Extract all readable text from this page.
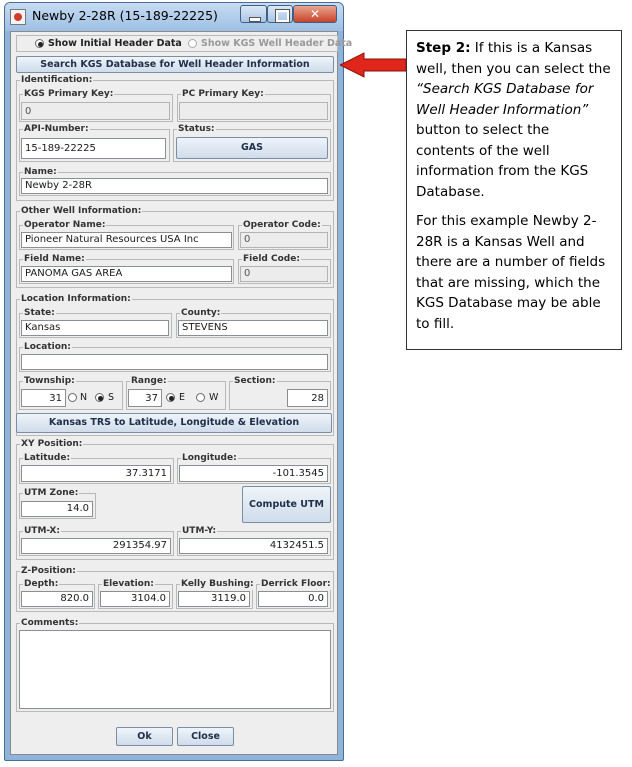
Newby 2-28R (15-189-22225)	✕
Show Initial Header Data Show KGS Well Header Data
Search KGS Database for Well Header Information
Identification:
KGS Primary Key:
0
PC Primary Key:
API-Number:
15-189-22225
Status:
GAS
Name:
Newby 2-28R
Other Well Information:
Operator Name:
Pioneer Natural Resources USA Inc
Operator Code:
0
Field Name:
PANOMA GAS AREA
Field Code:
0
Location Information:
State:
Kansas
County:
STEVENS
Location:
Township:
31	N S
Range:
37	E	W
Section:
28
Kansas TRS to Latitude, Longitude & Elevation
XY Position:
Latitude:
37.3171
Longitude:
-101.3545
UTM Zone:
14.0	Compute UTM
UTM-X:
291354.97
UTM-Y:
4132451.5
Z-Position:
Depth:
820.0
Elevation:
3104.0
Kelly Bushing:
3119.0
Derrick Floor:
0.0
Comments:
Ok	Close

Step 2: If this is a Kansas well, then you can select the “Search KGS Database for Well Header Information” button to select the contents of the well information from the KGS Database.

For this example Newby 2-28R is a Kansas Well and there are a number of fields that are missing, which the KGS Database may be able to fill.
